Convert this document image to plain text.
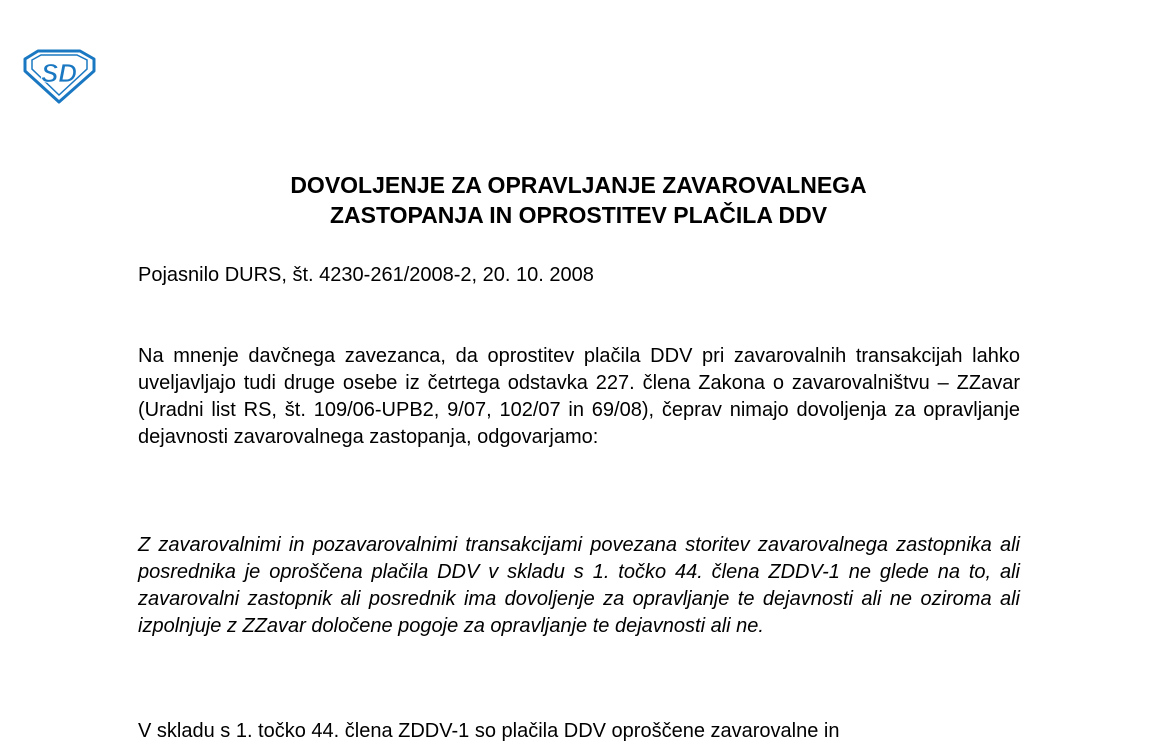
SD
DOVOLJENJE ZA OPRAVLJANJE ZAVAROVALNEGA
ZASTOPANJA IN OPROSTITEV PLAČILA DDV

Pojasnilo DURS, št. 4230-261/2008-2, 20. 10. 2008

Na mnenje davčnega zavezanca, da oprostitev plačila DDV pri zavarovalnih transakcijah lahko uveljavljajo tudi druge osebe iz četrtega odstavka 227. člena Zakona o zavarovalništvu – ZZavar (Uradni list RS, št. 109/06-UPB2, 9/07, 102/07 in 69/08), čeprav nimajo dovoljenja za opravljanje dejavnosti zavarovalnega zastopanja, odgovarjamo:

Z zavarovalnimi in pozavarovalnimi transakcijami povezana storitev zavarovalnega zastopnika ali posrednika je oproščena plačila DDV v skladu s 1. točko 44. člena ZDDV-1 ne glede na to, ali zavarovalni zastopnik ali posrednik ima dovoljenje za opravljanje te dejavnosti ali ne oziroma ali izpolnjuje z ZZavar določene pogoje za opravljanje te dejavnosti ali ne.

V skladu s 1. točko 44. člena ZDDV-1 so plačila DDV oproščene zavarovalne in
